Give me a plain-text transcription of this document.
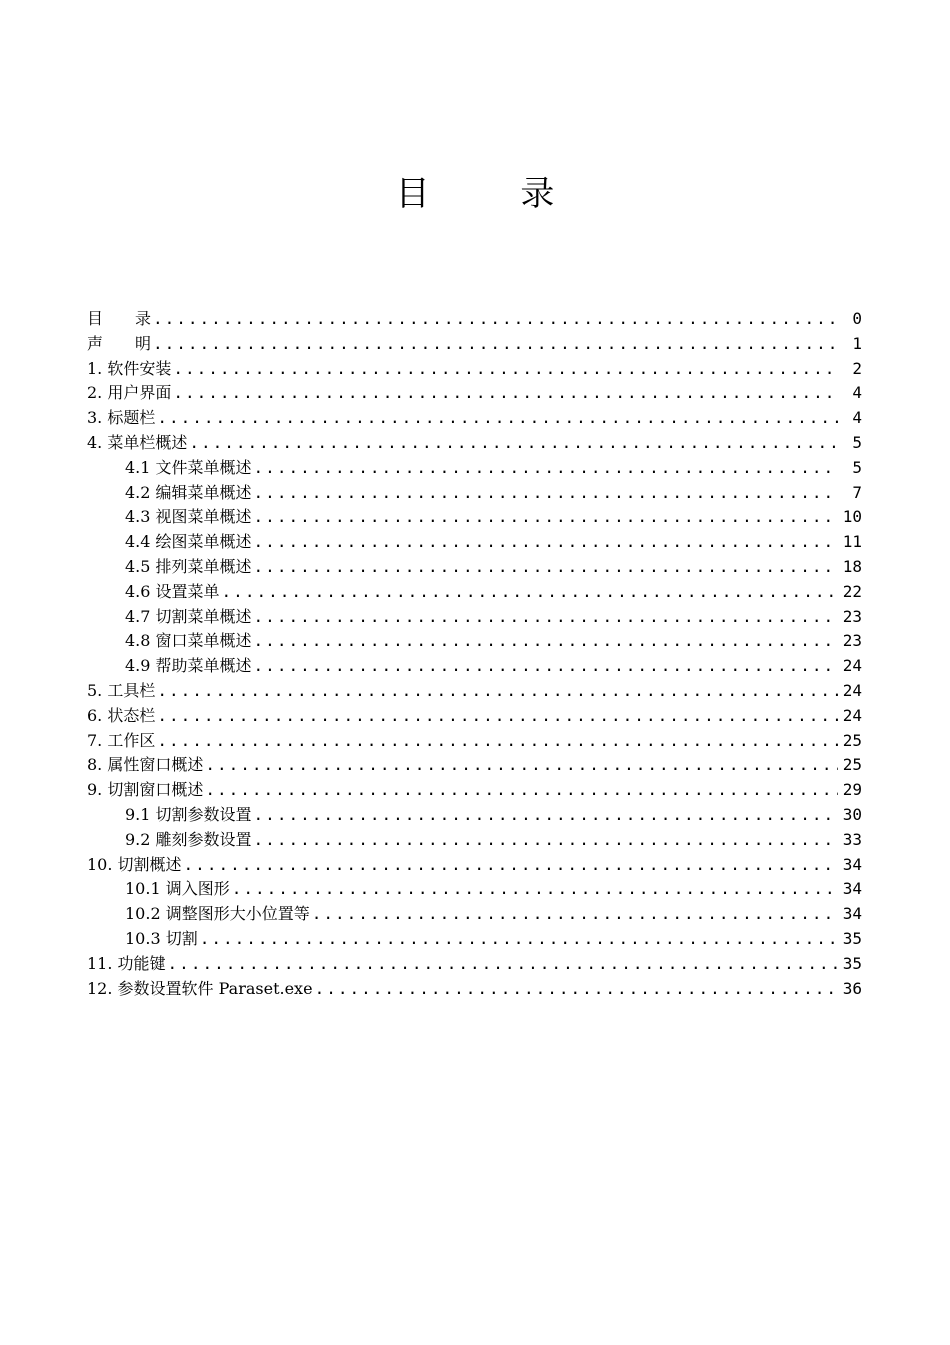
目 录
目　　录 .....	0
声　　明 .....	1
1. 软件安装 .....	2
2. 用户界面 .....	4
3. 标题栏 .....	4
4. 菜单栏概述 .....	5
4.1 文件菜单概述 .....	5
4.2 编辑菜单概述 .....	7
4.3 视图菜单概述 .....	10
4.4 绘图菜单概述 .....	11
4.5 排列菜单概述 .....	18
4.6 设置菜单 .....	22
4.7 切割菜单概述 .....	23
4.8 窗口菜单概述 .....	23
4.9 帮助菜单概述 .....	24
5. 工具栏 .....	24
6. 状态栏 .....	24
7. 工作区 .....	25
8. 属性窗口概述 .....	25
9. 切割窗口概述 .....	29
9.1 切割参数设置 .....	30
9.2 雕刻参数设置 .....	33
10. 切割概述 .....	34
10.1 调入图形 .....	34
10.2 调整图形大小位置等 .....	34
10.3 切割 .....	35
11. 功能键 .....	35
12. 参数设置软件 Paraset.exe .....	36
